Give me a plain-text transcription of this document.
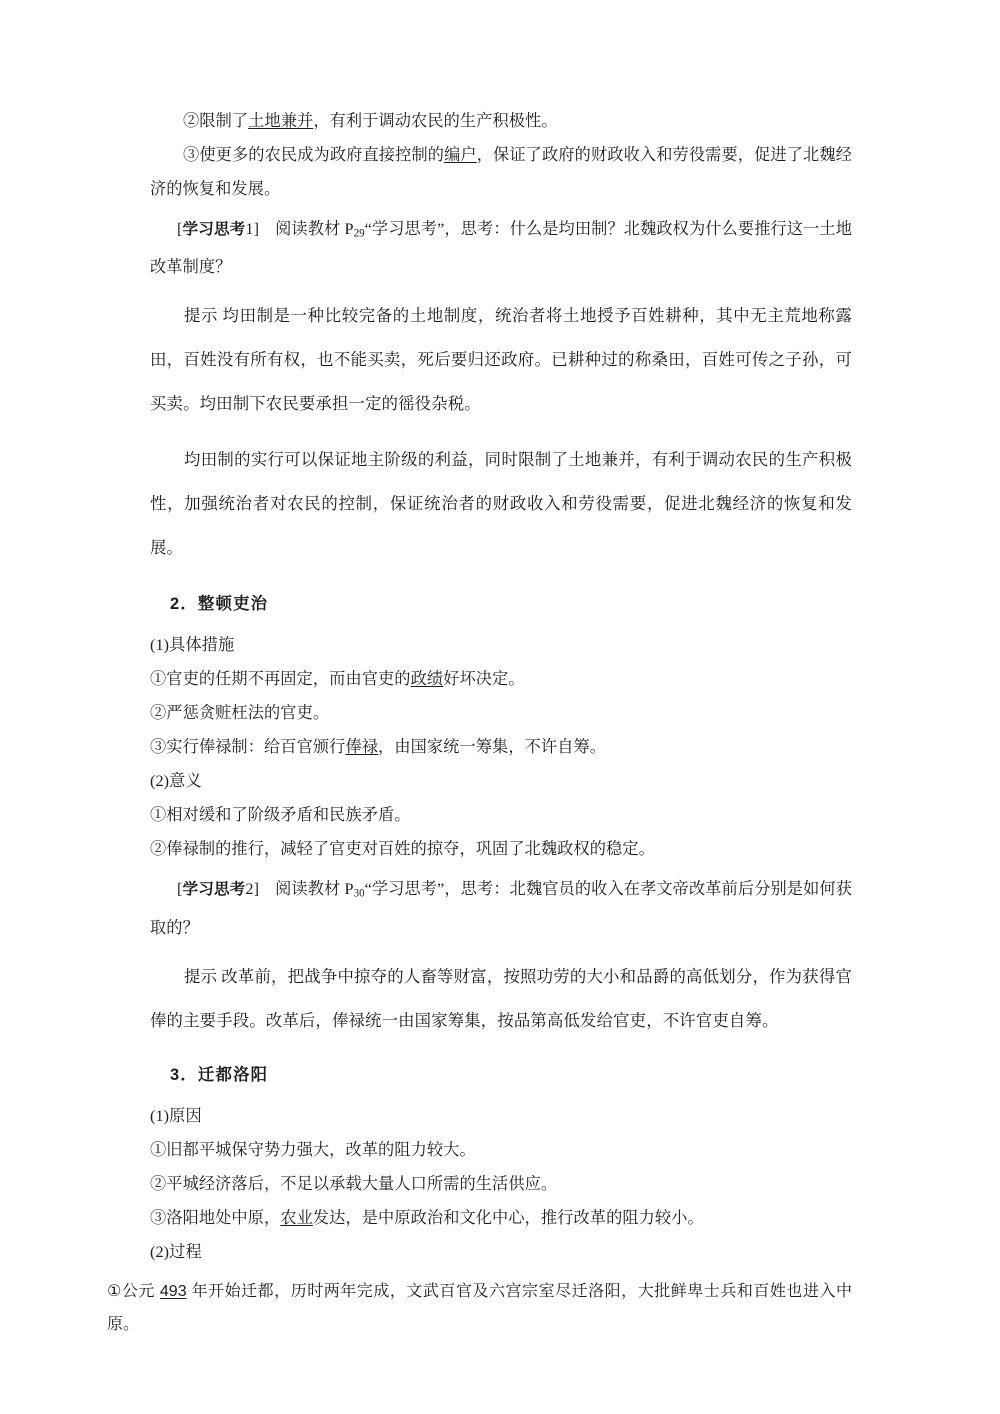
②限制了土地兼并，有利于调动农民的生产积极性。

③使更多的农民成为政府直接控制的编户，保证了政府的财政收入和劳役需要，促进了北魏经济的恢复和发展。

[学习思考1] 阅读教材 $P_{29}“$学习思考”，思考：什么是均田制？北魏政权为什么要推行这一土地改革制度？

提示 均田制是一种比较完备的土地制度，统治者将土地授予百姓耕种，其中无主荒地称露田，百姓没有所有权，也不能买卖，死后要归还政府。已耕种过的称桑田，百姓可传之子孙，可买卖。均田制下农民要承担一定的徭役杂税。

均田制的实行可以保证地主阶级的利益，同时限制了土地兼并，有利于调动农民的生产积极性，加强统治者对农民的控制，保证统治者的财政收入和劳役需要，促进北魏经济的恢复和发展。

2．整顿吏治

(1)具体措施

①官吏的任期不再固定，而由官吏的政绩好坏决定。

②严惩贪赃枉法的官吏。

③实行俸禄制：给百官颁行俸禄，由国家统一筹集，不许自筹。

(2)意义

①相对缓和了阶级矛盾和民族矛盾。

②俸禄制的推行，减轻了官吏对百姓的掠夺，巩固了北魏政权的稳定。

[学习思考2] 阅读教材 $P_{30}“$学习思考”，思考：北魏官员的收入在孝文帝改革前后分别是如何获取的？

提示 改革前，把战争中掠夺的人畜等财富，按照功劳的大小和品爵的高低划分，作为获得官俸的主要手段。改革后，俸禄统一由国家筹集，按品第高低发给官吏，不许官吏自筹。

3．迁都洛阳

(1)原因

①旧都平城保守势力强大，改革的阻力较大。

②平城经济落后，不足以承载大量人口所需的生活供应。

③洛阳地处中原，农业发达，是中原政治和文化中心，推行改革的阻力较小。

(2)过程

①公元 493 年开始迁都，历时两年完成，文武百官及六宫宗室尽迁洛阳，大批鲜卑士兵和百姓也进入中原。
